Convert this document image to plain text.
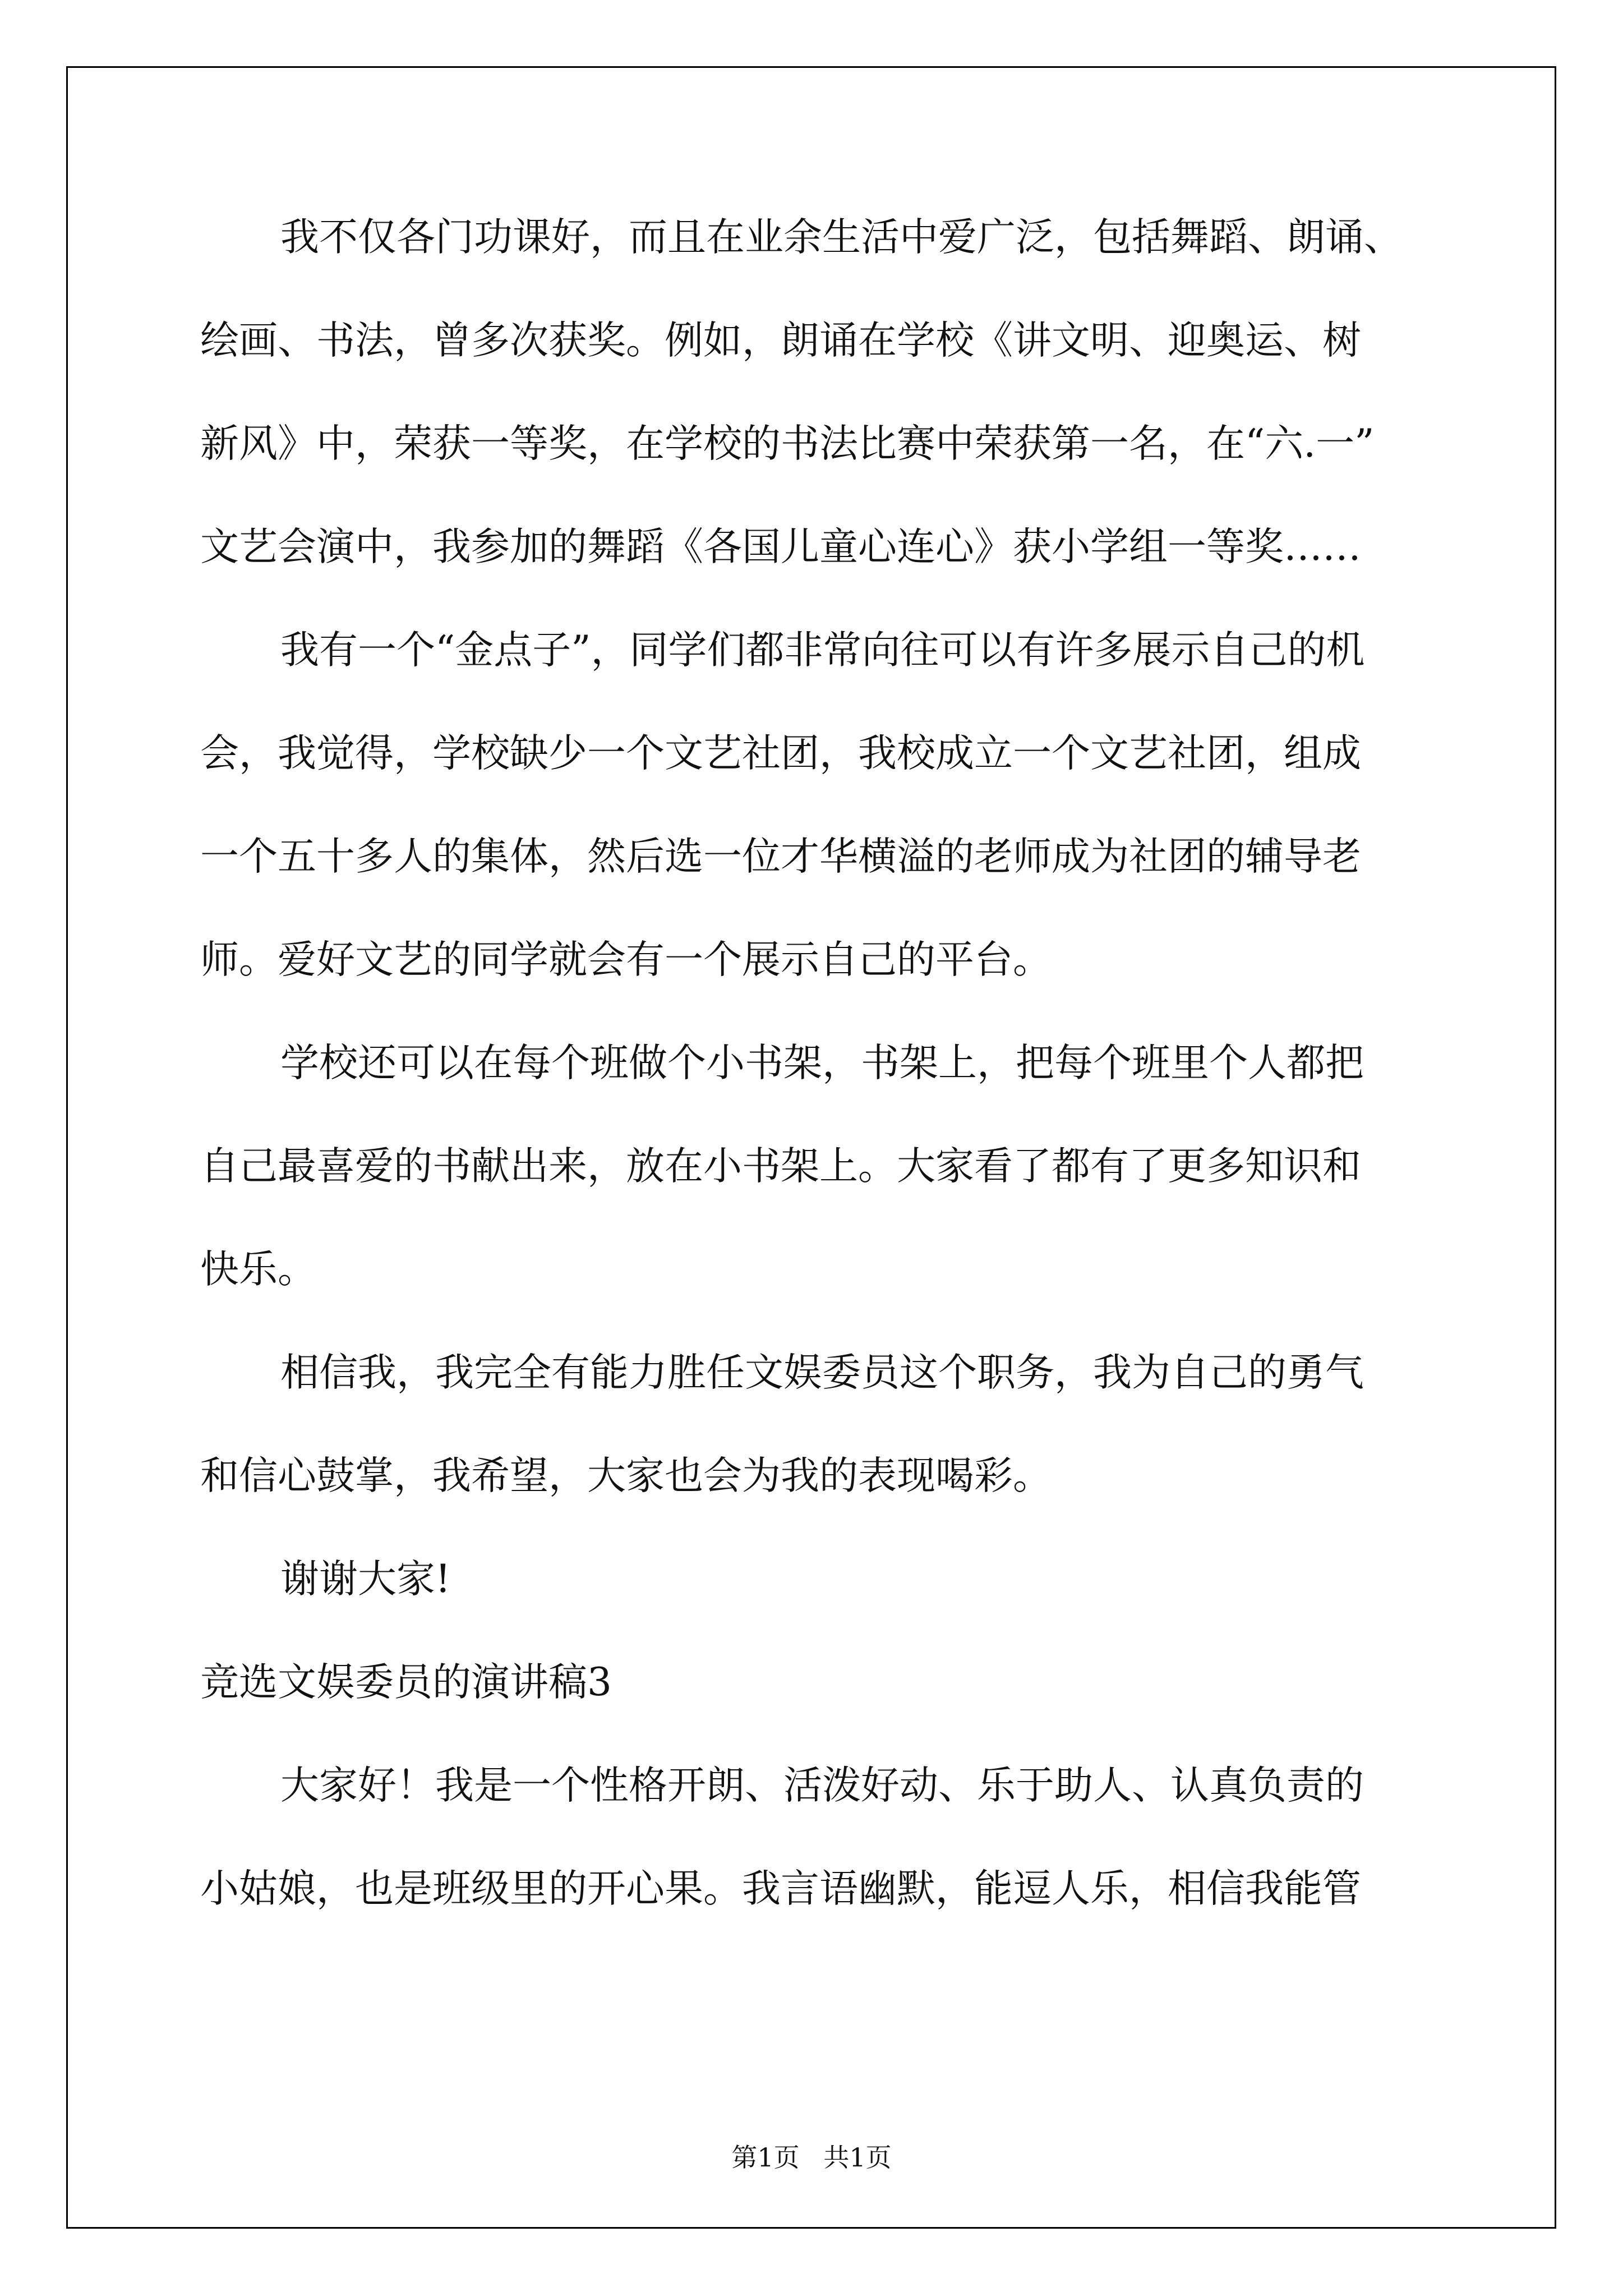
我不仅各门功课好，而且在业余生活中爱广泛，包括舞蹈、朗诵、
绘画、书法，曾多次获奖。例如，朗诵在学校《讲文明、迎奥运、树
新风》中，荣获一等奖，在学校的书法比赛中荣获第一名，在“六.一”
文艺会演中，我参加的舞蹈《各国儿童心连心》获小学组一等奖……
我有一个“金点子”，同学们都非常向往可以有许多展示自己的机
会，我觉得，学校缺少一个文艺社团，我校成立一个文艺社团，组成
一个五十多人的集体，然后选一位才华横溢的老师成为社团的辅导老
师。爱好文艺的同学就会有一个展示自己的平台。
学校还可以在每个班做个小书架，书架上，把每个班里个人都把
自己最喜爱的书献出来，放在小书架上。大家看了都有了更多知识和
快乐。
相信我，我完全有能力胜任文娱委员这个职务，我为自己的勇气
和信心鼓掌，我希望，大家也会为我的表现喝彩。
谢谢大家!
竞选文娱委员的演讲稿3
大家好！我是一个性格开朗、活泼好动、乐于助人、认真负责的
小姑娘，也是班级里的开心果。我言语幽默，能逗人乐，相信我能管
第1页 共1页
